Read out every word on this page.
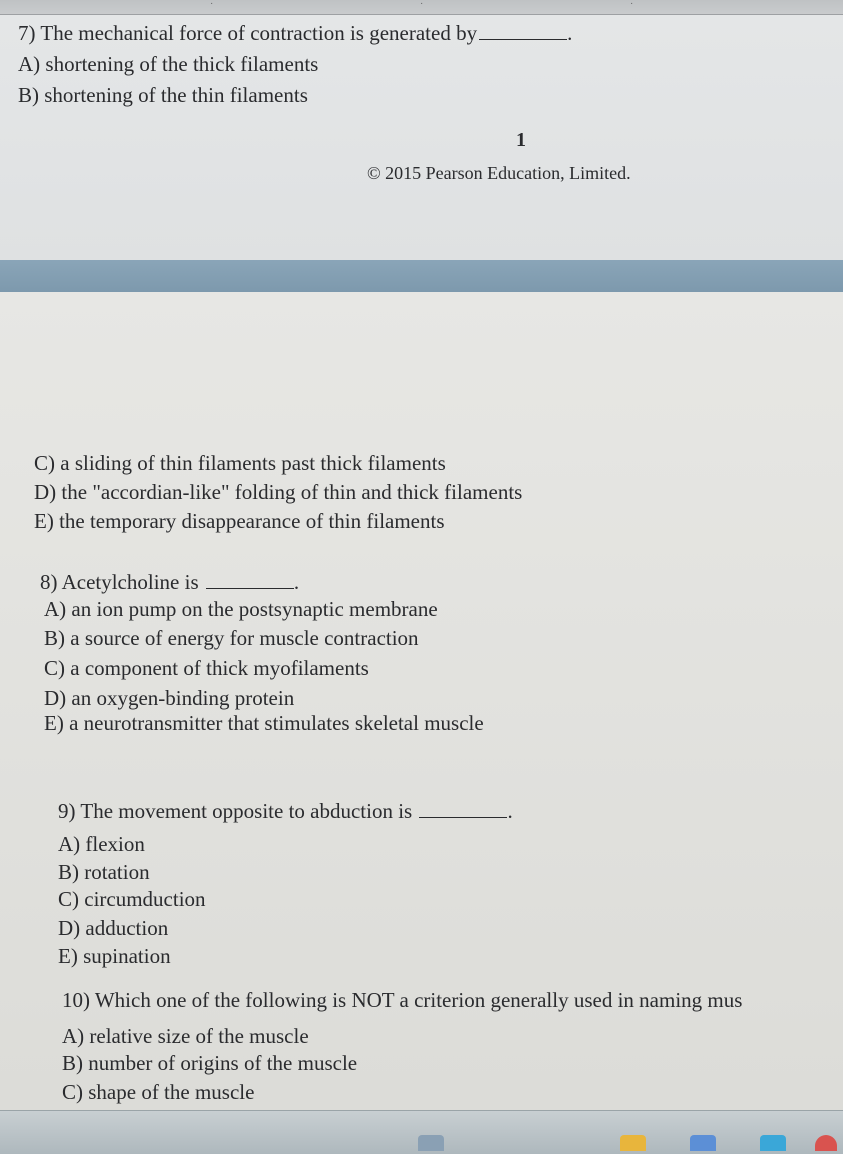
·	·	·
7) The mechanical force of contraction is generated by	.
A) shortening of the thick filaments
B) shortening of the thin filaments
1
© 2015 Pearson Education, Limited.
C) a sliding of thin filaments past thick filaments
D) the "accordian-like" folding of thin and thick filaments
E) the temporary disappearance of thin filaments
8) Acetylcholine is	.
A) an ion pump on the postsynaptic membrane
B) a source of energy for muscle contraction
C) a component of thick myofilaments
D) an oxygen-binding protein
E) a neurotransmitter that stimulates skeletal muscle
9) The movement opposite to abduction is	.
A) flexion
B) rotation
C) circumduction
D) adduction
E) supination
10) Which one of the following is NOT a criterion generally used in naming mus
A) relative size of the muscle
B) number of origins of the muscle
C) shape of the muscle
